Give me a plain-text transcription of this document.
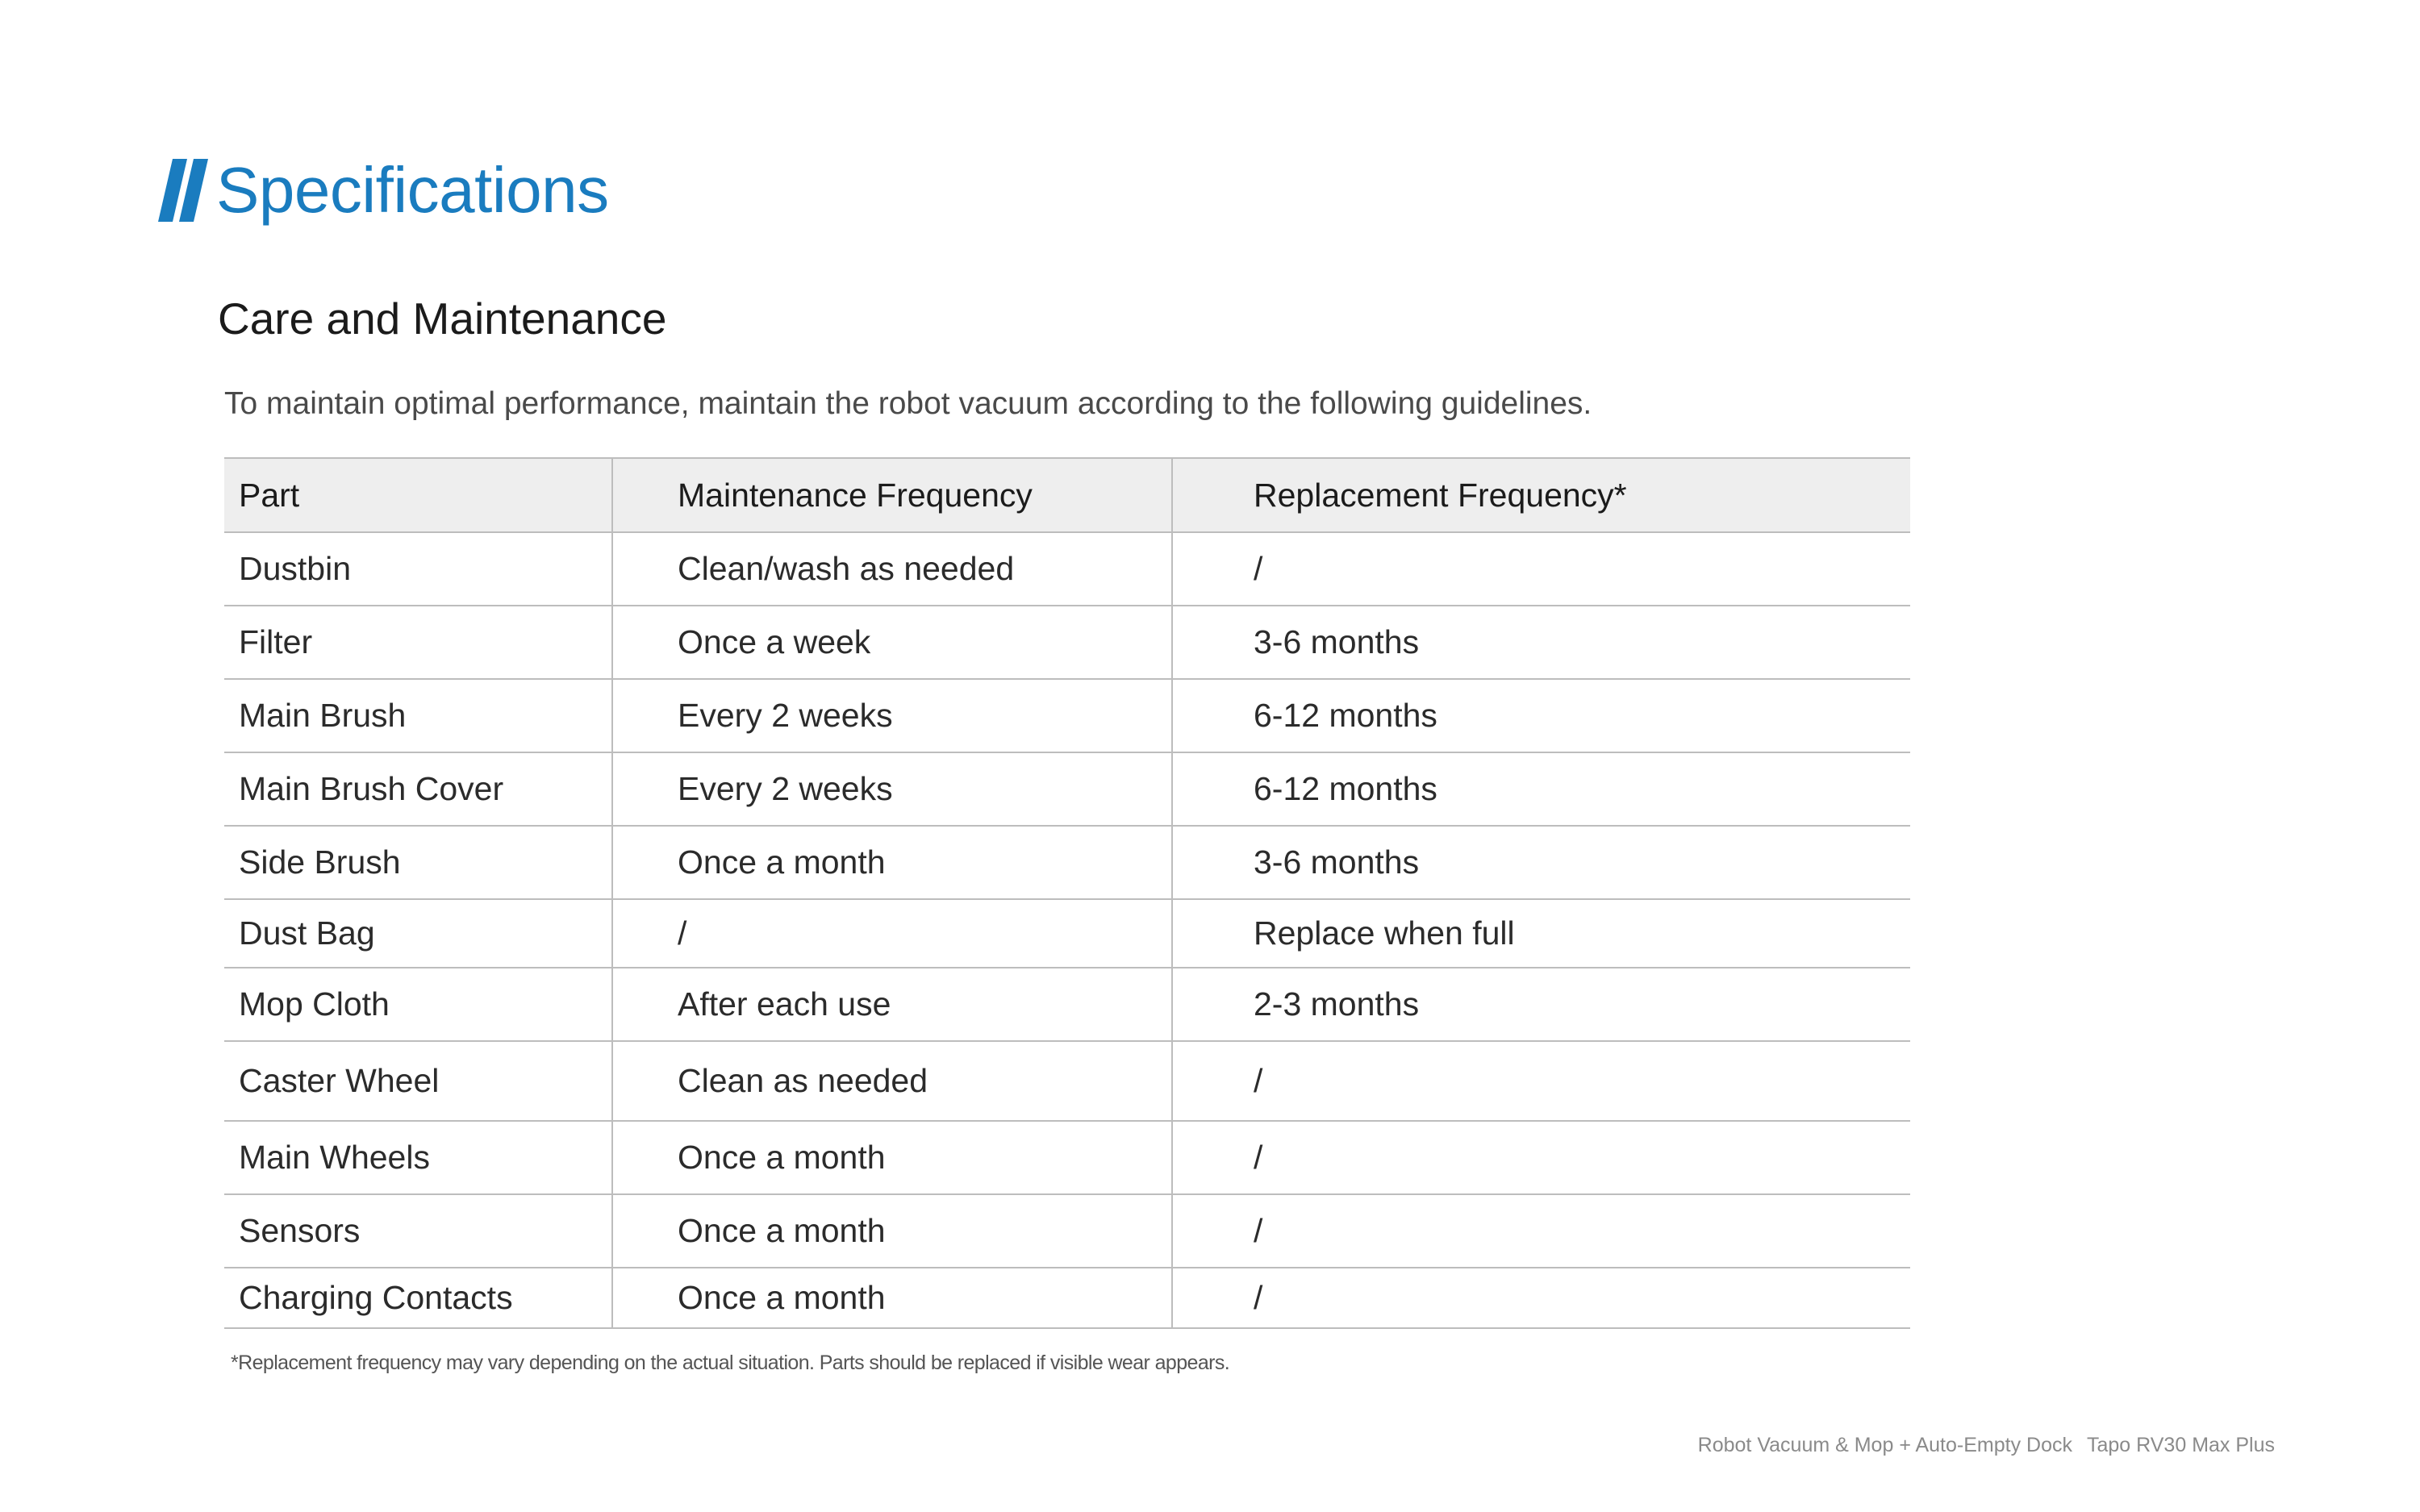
Specifications
Care and Maintenance
To maintain optimal performance, maintain the robot vacuum according to the following guidelines.
Part	Maintenance Frequency	Replacement Frequency*
Dustbin	Clean/wash as needed	/
Filter	Once a week	3-6 months
Main Brush	Every 2 weeks	6-12 months
Main Brush Cover	Every 2 weeks	6-12 months
Side Brush	Once a month	3-6 months
Dust Bag	/	Replace when full
Mop Cloth	After each use	2-3 months
Caster Wheel	Clean as needed	/
Main Wheels	Once a month	/
Sensors	Once a month	/
Charging Contacts	Once a month	/
*Replacement frequency may vary depending on the actual situation. Parts should be replaced if visible wear appears.
Robot Vacuum & Mop + Auto-Empty Dock Tapo RV30 Max Plus
